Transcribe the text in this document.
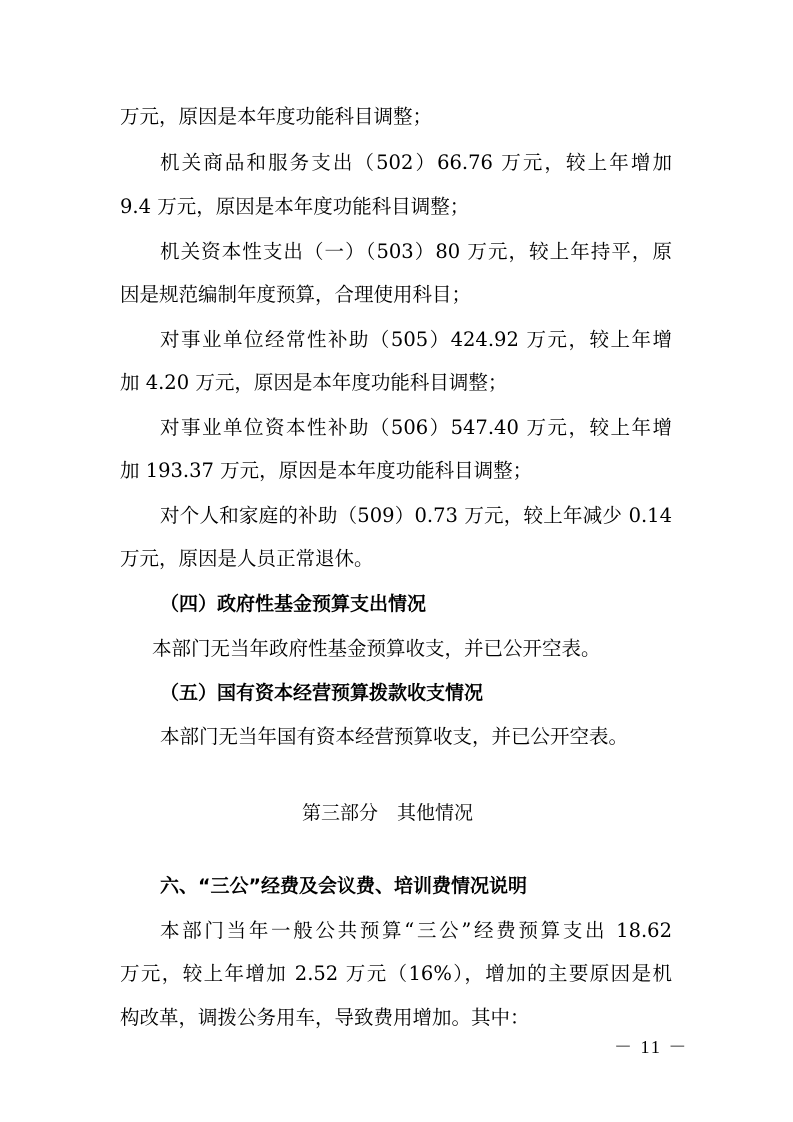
万元，原因是本年度功能科目调整；
机关商品和服务支出（502）66.76 万元，较上年增加
9.4 万元，原因是本年度功能科目调整；
机关资本性支出（一）（503）80 万元，较上年持平，原
因是规范编制年度预算，合理使用科目；
对事业单位经常性补助（505）424.92 万元，较上年增
加 4.20 万元，原因是本年度功能科目调整；
对事业单位资本性补助（506）547.40 万元，较上年增
加 193.37 万元，原因是本年度功能科目调整；
对个人和家庭的补助（509）0.73 万元，较上年减少 0.14
万元，原因是人员正常退休。
（四）政府性基金预算支出情况
本部门无当年政府性基金预算收支，并已公开空表。
（五）国有资本经营预算拨款收支情况
本部门无当年国有资本经营预算收支，并已公开空表。
第三部分　其他情况
六、“三公”经费及会议费、培训费情况说明
本部门当年一般公共预算“三公”经费预算支出 18.62
万元，较上年增加 2.52 万元（16%），增加的主要原因是机
构改革，调拨公务用车，导致费用增加。其中：
－ 11 －
